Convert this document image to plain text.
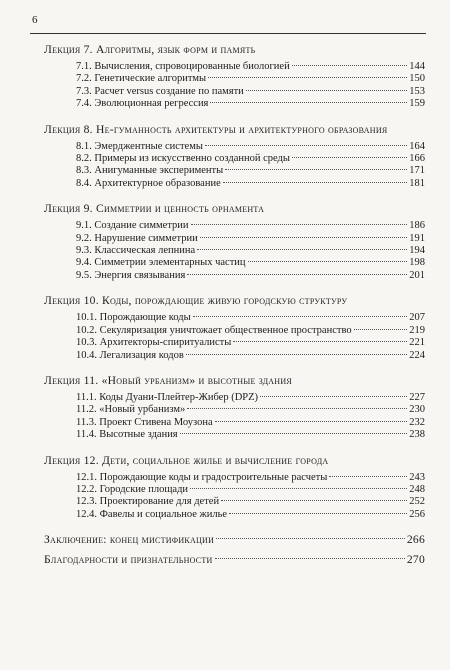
6
Лекция 7. Алгоритмы, язык форм и память
7.1. Вычисления, спровоцированные биологией	144
7.2. Генетические алгоритмы	150
7.3. Расчет versus создание по памяти	153
7.4. Эволюционная регрессия	159
Лекция 8. Не-гуманность архитектуры и архитектурного образования
8.1. Эмерджентные системы	164
8.2. Примеры из искусственно созданной среды	166
8.3. Анигуманные эксперименты	171
8.4. Архитектурное образование	181
Лекция 9. Симметрии и ценность орнамента
9.1. Создание симметрии	186
9.2. Нарушение симметрии	191
9.3. Классическая лепнина	194
9.4. Симметрии элементарных частиц	198
9.5. Энергия связывания	201
Лекция 10. Коды, порождающие живую городскую структуру
10.1. Порождающие коды	207
10.2. Секуляризация уничтожает общественное пространство	219
10.3. Архитекторы-спиритуалисты	221
10.4. Легализация кодов	224
Лекция 11. «Новый урбанизм» и высотные здания
11.1. Коды Дуани-Плейтер-Жибер (DPZ)	227
11.2. «Новый урбанизм»	230
11.3. Проект Стивена Моузона	232
11.4. Высотные здания	238
Лекция 12. Дети, социальное жилье и вычисление города
12.1. Порождающие коды и градостроительные расчеты	243
12.2. Городские площади	248
12.3. Проектирование для детей	252
12.4. Фавелы и социальное жилье	256
Заключение: конец мистификации	266
Благодарности и признательности	270
